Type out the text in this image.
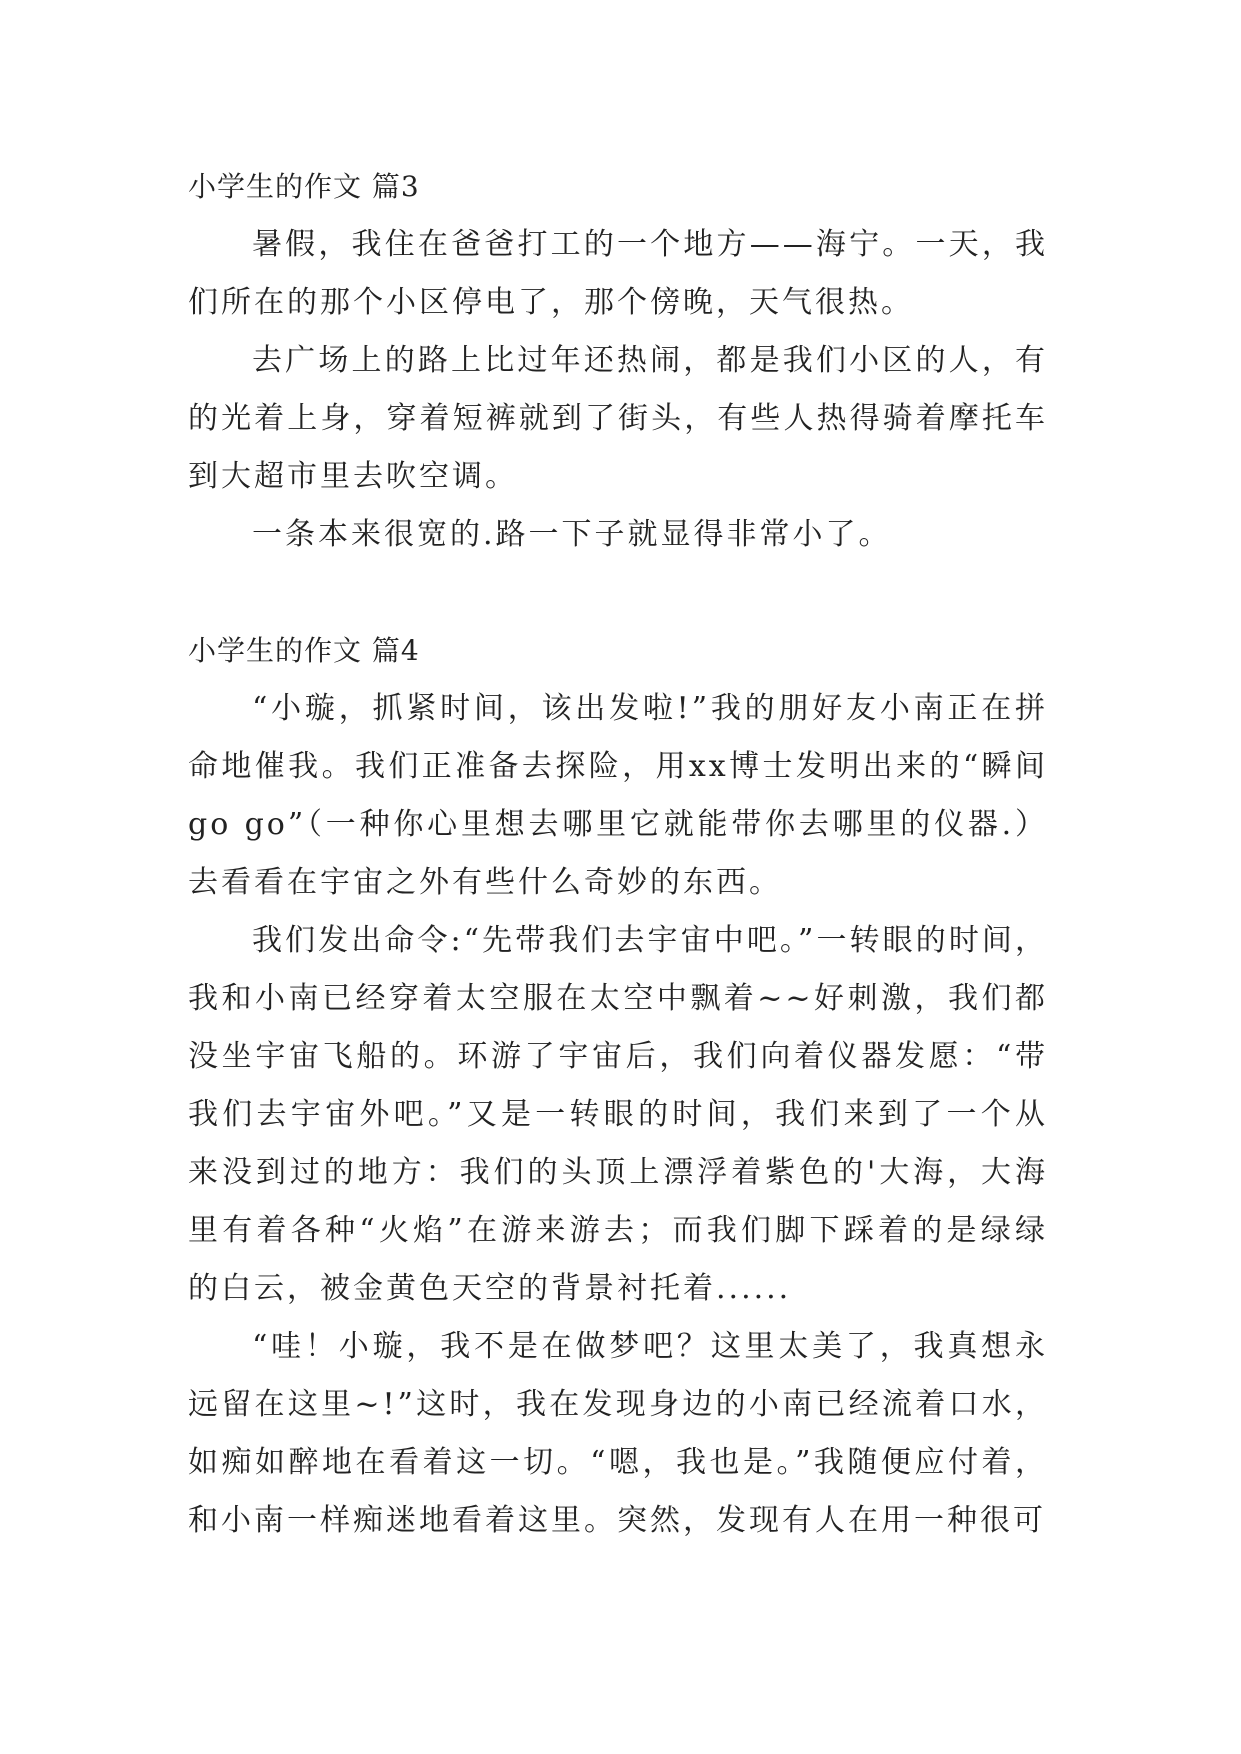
小学生的作文 篇3

暑假，我住在爸爸打工的一个地方——海宁。一天，我们所在的那个小区停电了，那个傍晚，天气很热。

去广场上的路上比过年还热闹，都是我们小区的人，有的光着上身，穿着短裤就到了街头，有些人热得骑着摩托车到大超市里去吹空调。

一条本来很宽的.路一下子就显得非常小了。

小学生的作文 篇4

“小璇，抓紧时间，该出发啦!”我的朋好友小南正在拼命地催我。我们正准备去探险，用xx博士发明出来的“瞬间go go”（一种你心里想去哪里它就能带你去哪里的仪器.）去看看在宇宙之外有些什么奇妙的东西。

我们发出命令:“先带我们去宇宙中吧。”一转眼的时间，我和小南已经穿着太空服在太空中飘着~~好刺激，我们都没坐宇宙飞船的。环游了宇宙后，我们向着仪器发愿：“带我们去宇宙外吧。”又是一转眼的时间，我们来到了一个从来没到过的地方：我们的头顶上漂浮着紫色的'大海，大海里有着各种“火焰”在游来游去；而我们脚下踩着的是绿绿的白云，被金黄色天空的背景衬托着......

“哇！小璇，我不是在做梦吧？这里太美了，我真想永远留在这里~!”这时，我在发现身边的小南已经流着口水，如痴如醉地在看着这一切。“嗯，我也是。”我随便应付着，和小南一样痴迷地看着这里。突然，发现有人在用一种很可
